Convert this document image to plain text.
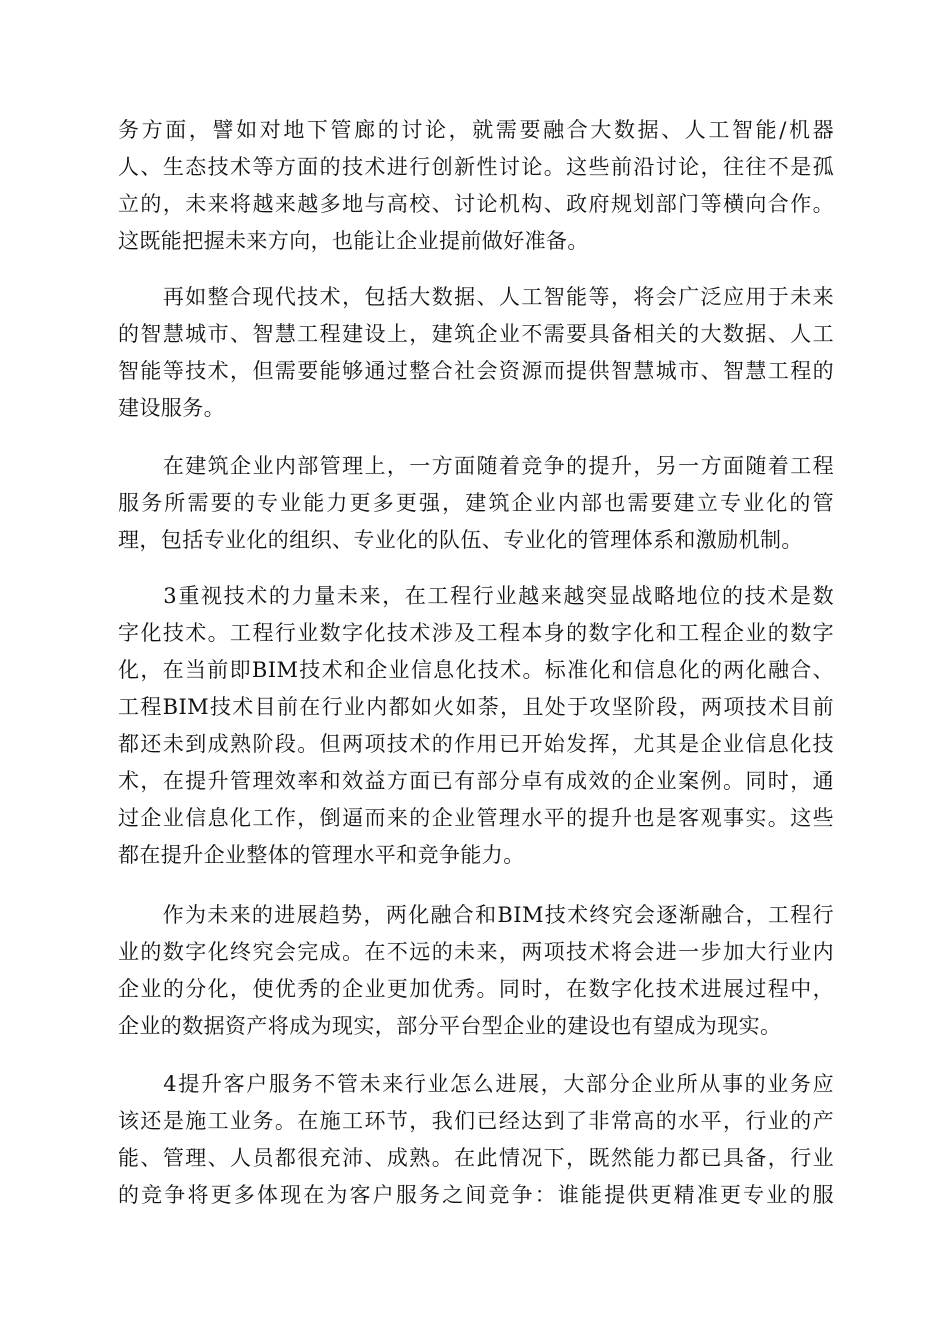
务方面，譬如对地下管廊的讨论，就需要融合大数据、人工智能/机器
人、生态技术等方面的技术进行创新性讨论。这些前沿讨论，往往不是孤
立的，未来将越来越多地与高校、讨论机构、政府规划部门等横向合作。
这既能把握未来方向，也能让企业提前做好准备。

　　再如整合现代技术，包括大数据、人工智能等，将会广泛应用于未来
的智慧城市、智慧工程建设上，建筑企业不需要具备相关的大数据、人工
智能等技术，但需要能够通过整合社会资源而提供智慧城市、智慧工程的
建设服务。

　　在建筑企业内部管理上，一方面随着竞争的提升，另一方面随着工程
服务所需要的专业能力更多更强，建筑企业内部也需要建立专业化的管
理，包括专业化的组织、专业化的队伍、专业化的管理体系和激励机制。

　　3重视技术的力量未来，在工程行业越来越突显战略地位的技术是数
字化技术。工程行业数字化技术涉及工程本身的数字化和工程企业的数字
化，在当前即BIM技术和企业信息化技术。标准化和信息化的两化融合、
工程BIM技术目前在行业内都如火如荼，且处于攻坚阶段，两项技术目前
都还未到成熟阶段。但两项技术的作用已开始发挥，尤其是企业信息化技
术，在提升管理效率和效益方面已有部分卓有成效的企业案例。同时，通
过企业信息化工作，倒逼而来的企业管理水平的提升也是客观事实。这些
都在提升企业整体的管理水平和竞争能力。

　　作为未来的进展趋势，两化融合和BIM技术终究会逐渐融合，工程行
业的数字化终究会完成。在不远的未来，两项技术将会进一步加大行业内
企业的分化，使优秀的企业更加优秀。同时，在数字化技术进展过程中，
企业的数据资产将成为现实，部分平台型企业的建设也有望成为现实。

　　4提升客户服务不管未来行业怎么进展，大部分企业所从事的业务应
该还是施工业务。在施工环节，我们已经达到了非常高的水平，行业的产
能、管理、人员都很充沛、成熟。在此情况下，既然能力都已具备，行业
的竞争将更多体现在为客户服务之间竞争：谁能提供更精准更专业的服
